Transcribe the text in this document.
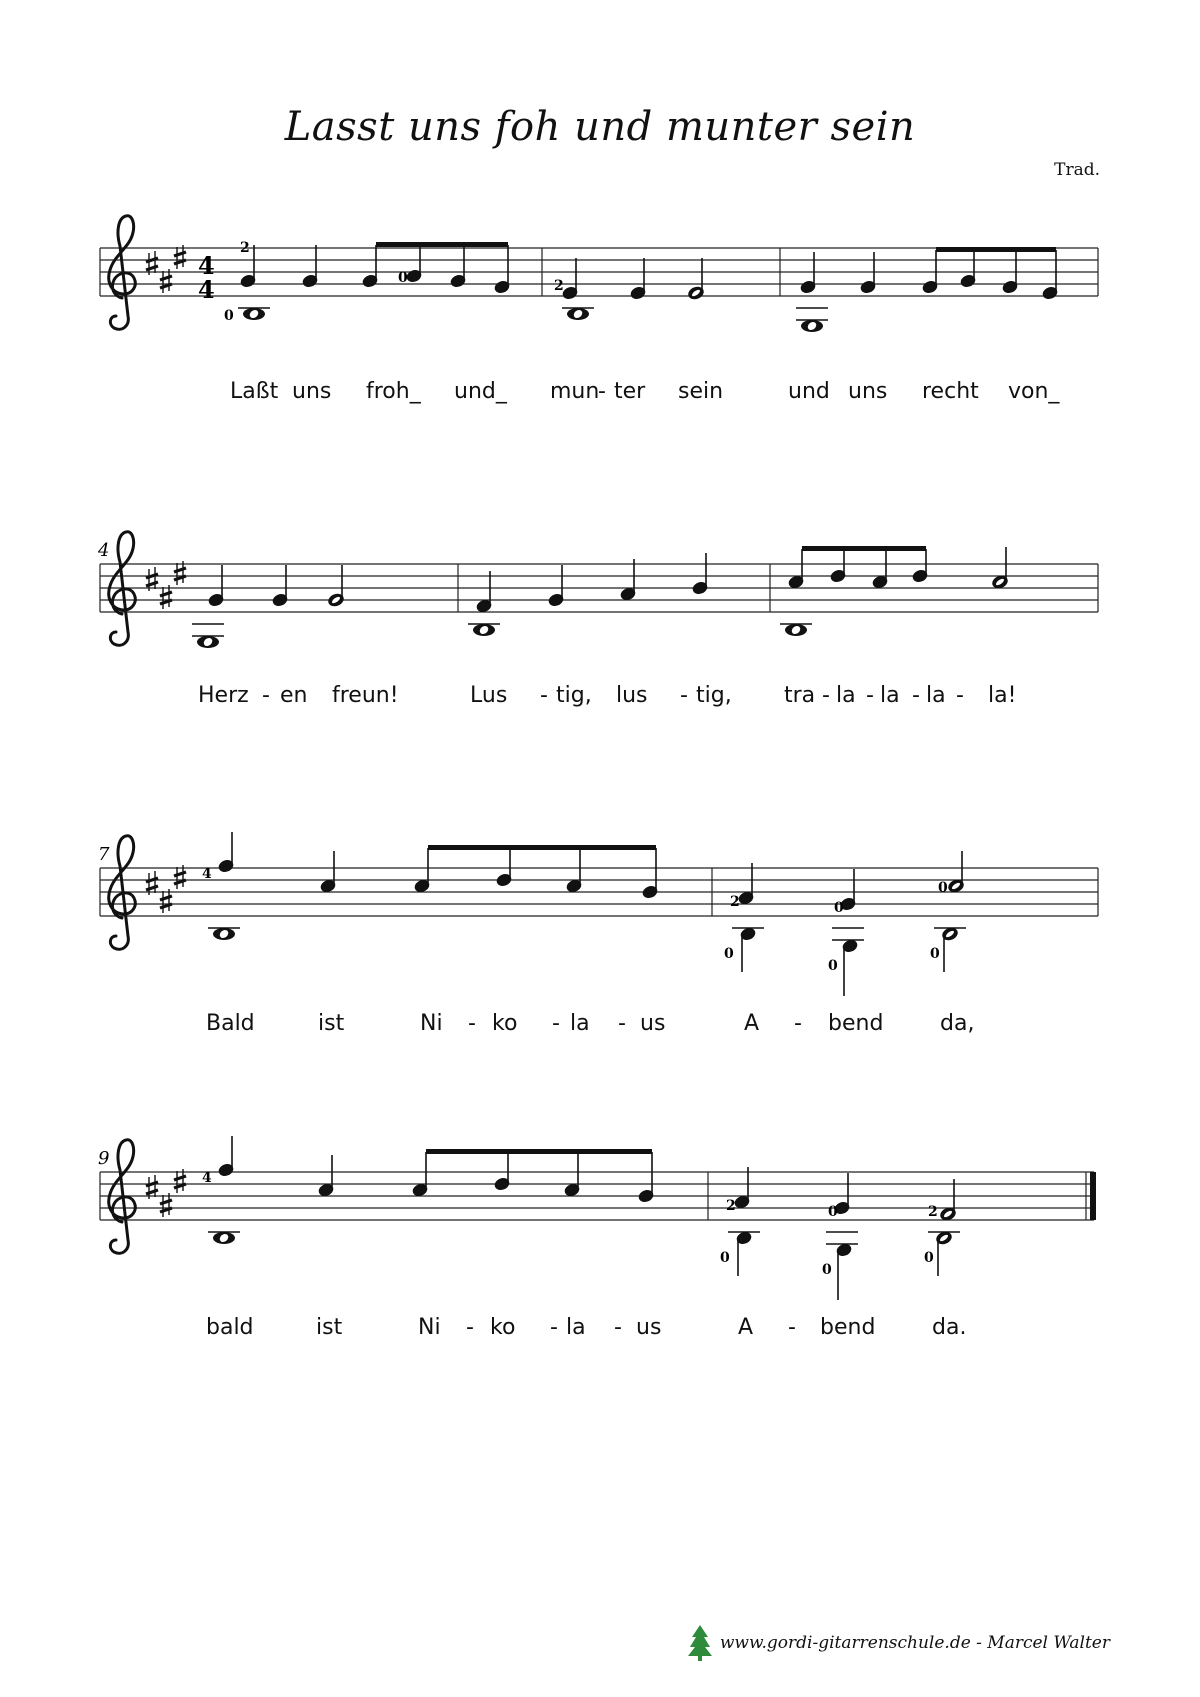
Lasst uns foh und munter sein
Trad.
4
4
0
2
0	2
4
7
4
2	0
0
0
0
0
9
4
2	0	2
0
0
0
Laßt uns froh_ und_ mun
- ter sein	und uns recht von_
Herz - en freun!	Lus - tig, lus - tig, tra - la - la - la - la!
Bald	ist	Ni - ko - la - us	A - bend	da,
bald	ist	Ni - ko - la - us	A - bend	da.
www.gordi-gitarrenschule.de - Marcel Walter
